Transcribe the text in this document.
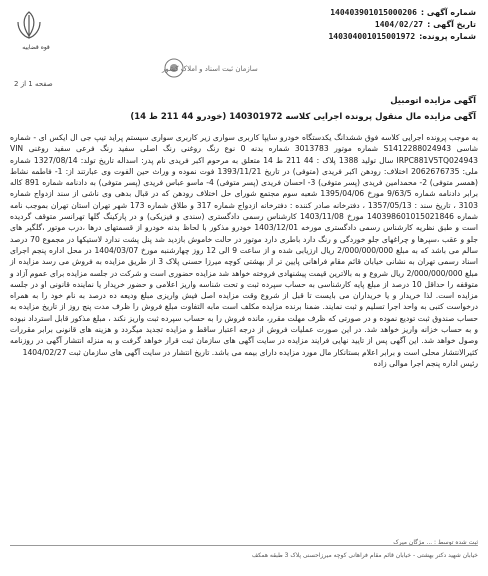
قوه قضاییه
سازمان ثبت اسناد و املاک کشور
صفحه 1 از 2
شماره آگهی :
140403901015000206
تاریخ آگهی :
1404/02/27
شماره پرونده:
140304001015001972
آگهی مزایده اتومبیل
آگهی مزایده مال منقول پرونده اجرایی کلاسه 140301972 (خودرو 44 211 ط 14)

به موجب پرونده اجرایی کلاسه فوق ششدانگ یکدستگاه خودرو سایپا کاربری سواری زیر کاربری سواری سیستم پراید تیپ جی ال ایکس ای - شماره شاسی S1412288024943 شماره موتور 3013783 شماره بدنه 0 نوع رنگ روغنی رنگ اصلی سفید رنگ فرعی سفید روغنی VIN IRPC881V5TQ024943 سال تولید 1388 پلاک : 44 211 ط 14 متعلق به مرحوم اکبر فریدی نام پدر: اسداله تاریخ تولد: 1327/08/14 شماره ملی: 2062676735 اختلاف: رودهن اکبر فریدی (متوفی) در تاریخ 1393/11/21 فوت نموده و وراث حین الفوت وی عبارتند از: 1- فاطمه نشاط (همسر متوفی) 2- محمدامین فریدی (پسر متوفی) 3- احسان فریدی (پسر متوفی) 4- ماسو عباس فریدی (پسر متوفی) به دادنامه شماره 891 کاله برابر دادنامه شماره 9/63/5 مورخ 1395/04/06 شعبه سوم مجتمع شورای حل اختلاف رودهن که در قبال بدهی وی ناشی از سند ازدواج شماره 3103 ، تاریخ سند : 1357/05/13 ، دفترخانه صادر کننده : دفترخانه ازدواج شماره 317 و طلاق شماره 173 شهر تهران استان تهران بموجب نامه شماره 140398601015021846 مورخ 1403/11/08 کارشناس رسمی دادگستری (سندی و فیزیکی) و در پارکینگ گلها تهرانسر متوقف گردیده است و طبق نظریه کارشناس رسمی دادگستری مورخه 1403/12/01 خودرو مذکور با لحاظ بدنه خودرو از قسمتهای درها ،درب موتور ،گلگیر های جلو و عقب ،سپرها و چراغهای جلو خوردگی و رنگ دارد باطری دارد موتور در حالت خاموش بازدید شد پنل پشت ندارد لاستیکها در مجموع 70 درصد سالم می باشد که به مبلغ 2/000/000/000 ریال ارزیابی شده و از ساعت 9 الی 12 روز چهارشنبه مورخ 1404/03/07 در محل اداره پنجم اجرای اسناد رسمی تهران به نشانی خیابان قائم مقام فراهانی پایین تر از بهشتی کوچه میرزا حسنی پلاک 3 از طریق مزایده به فروش می رسد مزایده از مبلغ 2/000/000/000 ریال شروع و به بالاترین قیمت پیشنهادی فروخته خواهد شد مزایده حضوری است و شرکت در جلسه مزایده برای عموم آزاد و متوقفه را حداقل 10 درصد از مبلغ پایه کارشناسی به حساب سپرده ثبت و تحت شناسه واریز اعلامی و حضور خریدار یا نماینده قانونی او در جلسه مزایده است. لذا خریدار و یا خریداران می بایست تا قبل از شروع وقت مزایده اصل فیش واریزی مبلغ ودیعه ده درصد به نام خود را به همراه درخواست کتبی به واحد اجرا تسلیم و ثبت نمایند. ضمنا برنده مزایده مکلف است مابه التفاوت مبلغ فروش را ظرف مدت پنج روز از تاریخ مزایده به حساب صندوق ثبت تودیع نموده و در صورتی که ظرف مهلت مقرر، مانده فروش را به حساب سپرده ثبت واریز نکند ، مبلغ مذکور قابل استرداد نبوده و به حساب خزانه واریز خواهد شد. در این صورت عملیات فروش از درجه اعتبار ساقط و مزایده تجدید میگردد و هزینه های قانونی برابر مقررات وصول خواهد شد. این آگهی پس از تایید نهایی فرایند مزایده در سایت آگهی های سازمان ثبت قرار خواهد گرفت و به منزله انتشار آگهی در روزنامه کثیرالانتشار محلی است و برابر اعلام بستانکار مال مورد مزایده دارای بیمه می باشد. تاریخ انتشار در سایت آگهی های سازمان ثبت 1404/02/27

رئیس اداره پنجم اجرا موالی زاده

ثبت شده توسط : ... مژگان میرک
خیابان شهید دکتر بهشتی - خیابان قائم مقام فراهانی کوچه میرزاحسنی پلاک 3 طبقه همکف
